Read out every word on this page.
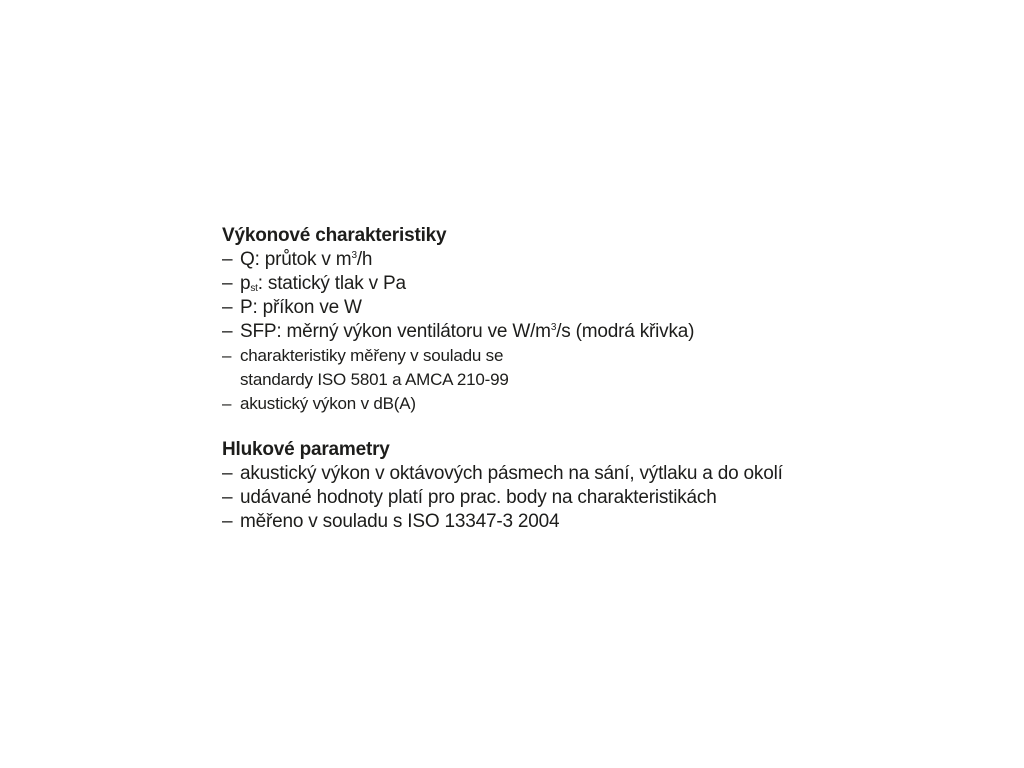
Výkonové charakteristiky
– Q: průtok v $m^3/h$
– $p_{st}$: statický tlak v Pa
– P: příkon ve W
– SFP: měrný výkon ventilátoru ve $W/m^3/s$ (modrá křivka)
– charakteristiky měřeny v souladu se
standardy ISO 5801 a AMCA 210-99
– akustický výkon v dB(A)
Hlukové parametry
– akustický výkon v oktávových pásmech na sání, výtlaku a do okolí
– udávané hodnoty platí pro prac. body na charakteristikách
– měřeno v souladu s ISO 13347-3 2004
